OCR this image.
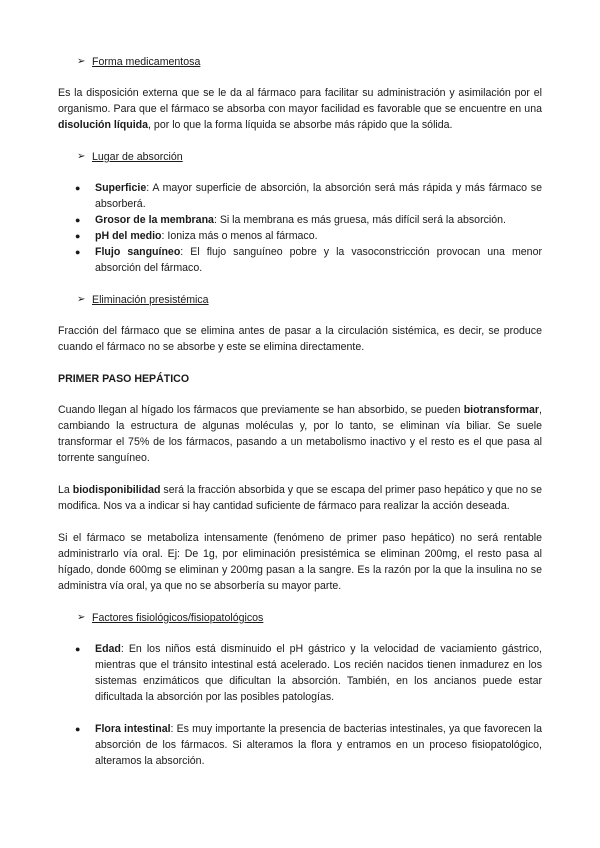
➢ Forma medicamentosa

Es la disposición externa que se le da al fármaco para facilitar su administración y asimilación por el organismo. Para que el fármaco se absorba con mayor facilidad es favorable que se encuentre en una disolución líquida, por lo que la forma líquida se absorbe más rápido que la sólida.

➢ Lugar de absorción
●	Superficie: A mayor superficie de absorción, la absorción será más rápida y más fármaco se absorberá.
●	Grosor de la membrana: Si la membrana es más gruesa, más difícil será la absorción.
●	pH del medio: Ioniza más o menos al fármaco.
●	Flujo sanguíneo: El flujo sanguíneo pobre y la vasoconstricción provocan una menor absorción del fármaco.
➢ Eliminación presistémica

Fracción del fármaco que se elimina antes de pasar a la circulación sistémica, es decir, se produce cuando el fármaco no se absorbe y este se elimina directamente.

PRIMER PASO HEPÁTICO

Cuando llegan al hígado los fármacos que previamente se han absorbido, se pueden biotransformar, cambiando la estructura de algunas moléculas y, por lo tanto, se eliminan vía biliar. Se suele transformar el 75% de los fármacos, pasando a un metabolismo inactivo y el resto es el que pasa al torrente sanguíneo.

La biodisponibilidad será la fracción absorbida y que se escapa del primer paso hepático y que no se modifica. Nos va a indicar si hay cantidad suficiente de fármaco para realizar la acción deseada.

Si el fármaco se metaboliza intensamente (fenómeno de primer paso hepático) no será rentable administrarlo vía oral. Ej: De 1g, por eliminación presistémica se eliminan 200mg, el resto pasa al hígado, donde 600mg se eliminan y 200mg pasan a la sangre. Es la razón por la que la insulina no se administra vía oral, ya que no se absorbería su mayor parte.

➢ Factores fisiológicos/fisiopatológicos
●	Edad: En los niños está disminuido el pH gástrico y la velocidad de vaciamiento gástrico, mientras que el tránsito intestinal está acelerado. Los recién nacidos tienen inmadurez en los sistemas enzimáticos que dificultan la absorción. También, en los ancianos puede estar dificultada la absorción por las posibles patologías.
●	Flora intestinal: Es muy importante la presencia de bacterias intestinales, ya que favorecen la absorción de los fármacos. Si alteramos la flora y entramos en un proceso fisiopatológico, alteramos la absorción.
